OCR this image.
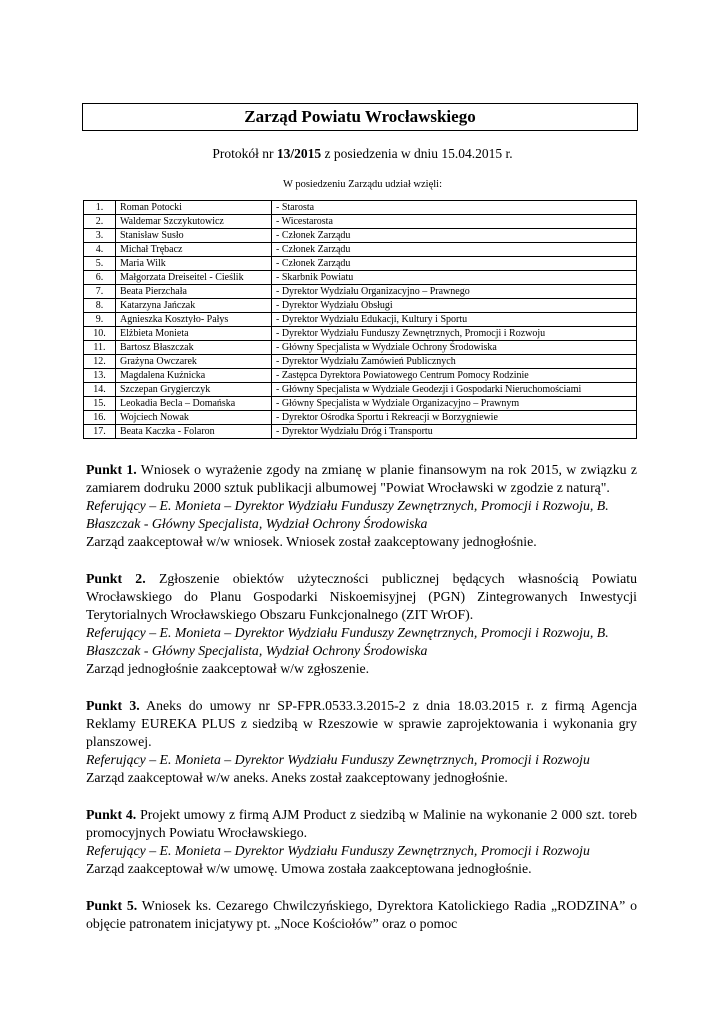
Zarząd Powiatu Wrocławskiego
Protokół nr 13/2015 z posiedzenia w dniu 15.04.2015 r.
W posiedzeniu Zarządu udział wzięli:
1.	Roman Potocki	- Starosta
2.	Waldemar Szczykutowicz	- Wicestarosta
3.	Stanisław Susło	- Członek Zarządu
4.	Michał Trębacz	- Członek Zarządu
5.	Maria Wilk	- Członek Zarządu
6.	Małgorzata Dreiseitel - Cieślik	- Skarbnik Powiatu
7.	Beata Pierzchała	- Dyrektor Wydziału Organizacyjno – Prawnego
8.	Katarzyna Jańczak	- Dyrektor Wydziału Obsługi
9.	Agnieszka Kosztyło- Pałys	- Dyrektor Wydziału Edukacji, Kultury i Sportu
10.	Elżbieta Monieta	- Dyrektor Wydziału Funduszy Zewnętrznych, Promocji i Rozwoju
11.	Bartosz Błaszczak	- Główny Specjalista w Wydziale Ochrony Środowiska
12.	Grażyna Owczarek	- Dyrektor Wydziału Zamówień Publicznych
13.	Magdalena Kuźnicka	- Zastępca Dyrektora Powiatowego Centrum Pomocy Rodzinie
14.	Szczepan Grygierczyk	- Główny Specjalista w Wydziale Geodezji i Gospodarki Nieruchomościami
15.	Leokadia Becla – Domańska	- Główny Specjalista w Wydziale Organizacyjno – Prawnym
16.	Wojciech Nowak	- Dyrektor Ośrodka Sportu i Rekreacji w Borzygniewie
17.	Beata Kaczka - Folaron	- Dyrektor Wydziału Dróg i Transportu

Punkt 1. Wniosek o wyrażenie zgody na zmianę w planie finansowym na rok 2015, w związku z zamiarem dodruku 2000 sztuk publikacji albumowej "Powiat Wrocławski w zgodzie z naturą".

Referujący – E. Monieta – Dyrektor Wydziału Funduszy Zewnętrznych, Promocji i Rozwoju, B. Błaszczak - Główny Specjalista, Wydział Ochrony Środowiska

Zarząd zaakceptował w/w wniosek. Wniosek został zaakceptowany jednogłośnie.

Punkt 2. Zgłoszenie obiektów użyteczności publicznej będących własnością Powiatu Wrocławskiego do Planu Gospodarki Niskoemisyjnej (PGN) Zintegrowanych Inwestycji Terytorialnych Wrocławskiego Obszaru Funkcjonalnego (ZIT WrOF).

Referujący – E. Monieta – Dyrektor Wydziału Funduszy Zewnętrznych, Promocji i Rozwoju, B. Błaszczak - Główny Specjalista, Wydział Ochrony Środowiska

Zarząd jednogłośnie zaakceptował w/w zgłoszenie.

Punkt 3. Aneks do umowy nr SP-FPR.0533.3.2015-2 z dnia 18.03.2015 r. z firmą Agencja Reklamy EUREKA PLUS z siedzibą w Rzeszowie w sprawie zaprojektowania i wykonania gry planszowej.

Referujący – E. Monieta – Dyrektor Wydziału Funduszy Zewnętrznych, Promocji i Rozwoju

Zarząd zaakceptował w/w aneks. Aneks został zaakceptowany jednogłośnie.

Punkt 4. Projekt umowy z firmą AJM Product z siedzibą w Malinie na wykonanie 2 000 szt. toreb promocyjnych Powiatu Wrocławskiego.

Referujący – E. Monieta – Dyrektor Wydziału Funduszy Zewnętrznych, Promocji i Rozwoju

Zarząd zaakceptował w/w umowę. Umowa została zaakceptowana jednogłośnie.

Punkt 5. Wniosek ks. Cezarego Chwilczyńskiego, Dyrektora Katolickiego Radia „RODZINA” o objęcie patronatem inicjatywy pt. „Noce Kościołów” oraz o pomoc
